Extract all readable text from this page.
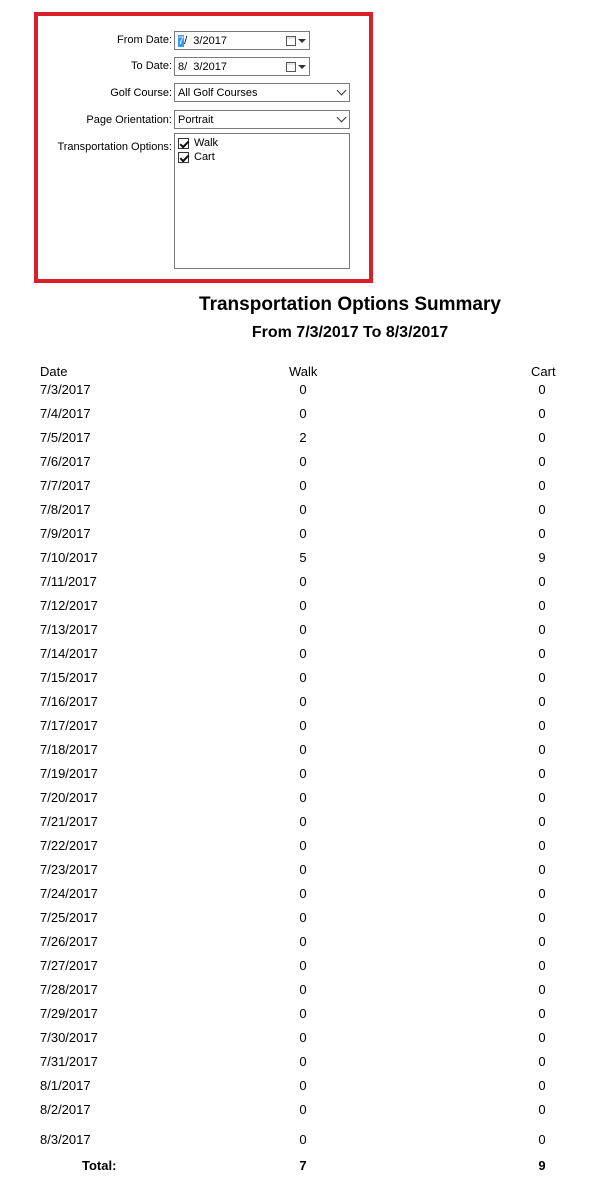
From Date: 7/  3/2017
To Date: 8/  3/2017
Golf Course: All Golf Courses
Page Orientation: Portrait
Transportation Options: Walk
Cart
Transportation Options Summary
From 7/3/2017 To 8/3/2017
Date	Walk	Cart
7/3/2017	0	0
7/4/2017	0	0
7/5/2017	2	0
7/6/2017	0	0
7/7/2017	0	0
7/8/2017	0	0
7/9/2017	0	0
7/10/2017	5	9
7/11/2017	0	0
7/12/2017	0	0
7/13/2017	0	0
7/14/2017	0	0
7/15/2017	0	0
7/16/2017	0	0
7/17/2017	0	0
7/18/2017	0	0
7/19/2017	0	0
7/20/2017	0	0
7/21/2017	0	0
7/22/2017	0	0
7/23/2017	0	0
7/24/2017	0	0
7/25/2017	0	0
7/26/2017	0	0
7/27/2017	0	0
7/28/2017	0	0
7/29/2017	0	0
7/30/2017	0	0
7/31/2017	0	0
8/1/2017	0	0
8/2/2017	0	0
8/3/2017	0	0
Total:	7	9
